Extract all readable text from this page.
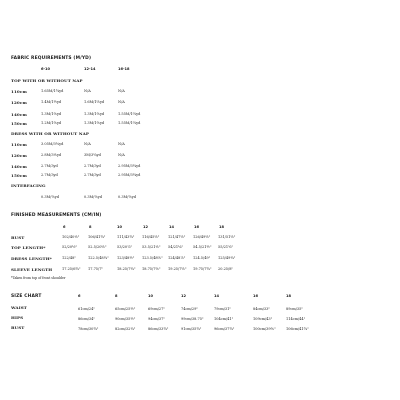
FABRIC REQUIREMENTS (M/YD)
6-10	12-14	16-18
TOP WITH OR WITHOUT NAP
110cm	1.65M/1¾yd	N/A	N/A
120cm	1.4M/1½yd	1.6M/1⅝yd	N/A
140cm	1.3M/1⅜yd	1.3M/1⅜yd	1.55M/1⅝yd
150cm	1.2M/1⅜yd	1.3M/1⅜yd	1.55M/1⅝yd
DRESS WITH OR WITHOUT NAP
110cm	3.05M/3⅜yd	N/A	N/A
120cm	2.8M/3⅛yd	3M/3¼yd	N/A
140cm	2.7M/3yd	2.7M/3yd	2.95M/3¼yd
150cm	2.7M/3yd	2.7M/3yd	2.95M/3¼yd
INTERFACING
0.3M/⅜yd	0.3M/⅜yd	0.3M/⅜yd
FINISHED MEASUREMENTS (CM/IN)
6	8	10	12	14	16	18
BUST	102/40⅛" 106/41¾"	111/43¾" 116/45⅝" 121/47⅝" 126/49⅝" 131/51⅝"
TOP LENGTH*	52/20½"	52.5/20⅝"	53/20⅞"	53.5/21⅛" 54/21¼"	54.5/21½" 55/21⅝"
DRESS LENGTH*	122/48"	122.5/48¼" 123/48½" 123.5/48⅝" 124/48⅞" 124.5/49" 125/49¼"
SLEEVE LENGTH	17.25/6¾" 17.75/7"	18.25/7¼" 18.75/7⅜" 19.25/7⅝" 19.75/7¾" 20.25/8"
*Taken from top of front shoulder
SIZE CHART	6	8	10	12	14	16	18
WAIST	61cm/24"	65cm/25½"	69cm/27"	74cm/29"	79cm/31"	84cm/33"	89cm/35"
HIPS	86cm/34"	90cm/35½"	94cm/37"	99cm/38.75"	104cm/41"	109cm/43"	114cm/44"
BUST	78cm/30¾"	82cm/32¼"	86cm/33¾"	91cm/35¾"	96cm/37¾"	100cm/39⅜"	106cm/41¾"
